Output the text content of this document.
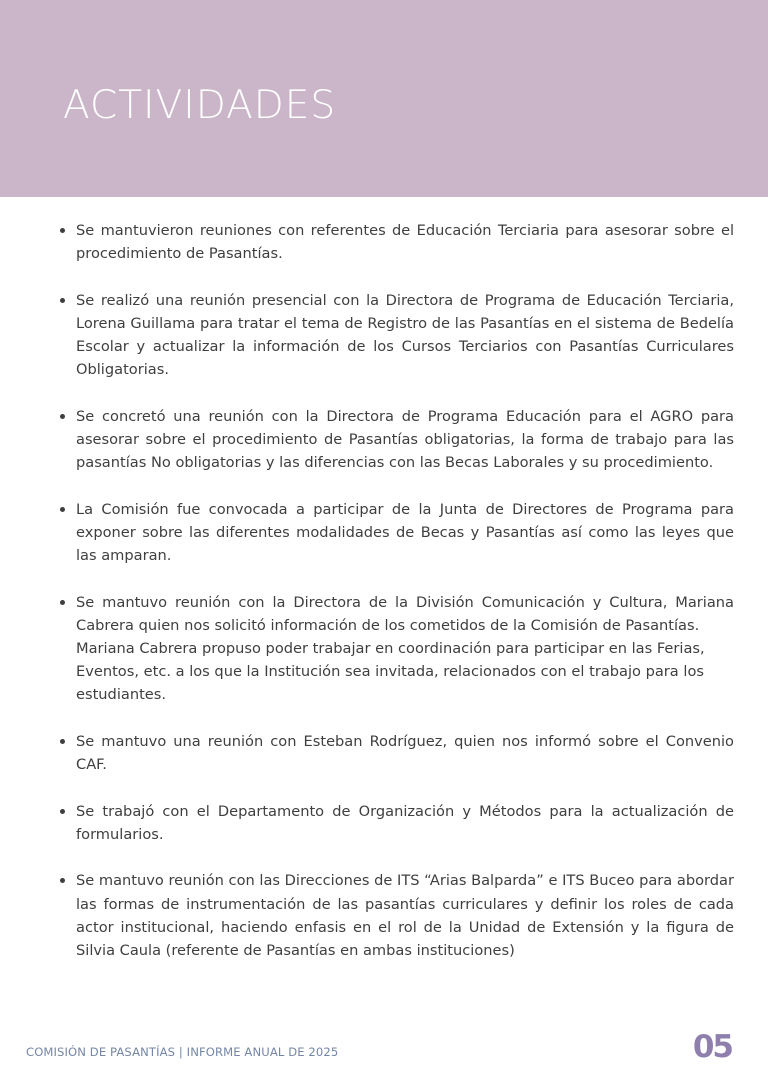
ACTIVIDADES
Se mantuvieron reuniones con referentes de Educación Terciaria para asesorar sobre el procedimiento de Pasantías.
Se realizó una reunión presencial con la Directora de Programa de Educación Terciaria, Lorena Guillama para tratar el tema de Registro de las Pasantías en el sistema de Bedelía Escolar y actualizar la información de los Cursos Terciarios con Pasantías Curriculares Obligatorias.
Se concretó una reunión con la Directora de Programa Educación para el AGRO para asesorar sobre el procedimiento de Pasantías obligatorias, la forma de trabajo para las pasantías No obligatorias y las diferencias con las Becas Laborales y su procedimiento.
La Comisión fue convocada a participar de la Junta de Directores de Programa para exponer sobre las diferentes modalidades de Becas y Pasantías así como las leyes que las amparan.
Se mantuvo reunión con la Directora de la División Comunicación y Cultura, Mariana Cabrera quien nos solicitó información de los cometidos de la Comisión de Pasantías.
Mariana Cabrera propuso poder trabajar en coordinación para participar en las Ferias, Eventos, etc. a los que la Institución sea invitada, relacionados con el trabajo para los estudiantes.
Se mantuvo una reunión con Esteban Rodríguez, quien nos informó sobre el Convenio CAF.
Se trabajó con el Departamento de Organización y Métodos para la actualización de formularios.
Se mantuvo reunión con las Direcciones de ITS “Arias Balparda” e ITS Buceo para abordar las formas de instrumentación de las pasantías curriculares y definir los roles de cada actor institucional, haciendo enfasis en el rol de la Unidad de Extensión y la figura de Silvia Caula (referente de Pasantías en ambas instituciones)
COMISIÓN DE PASANTÍAS | INFORME ANUAL DE 2025	05
